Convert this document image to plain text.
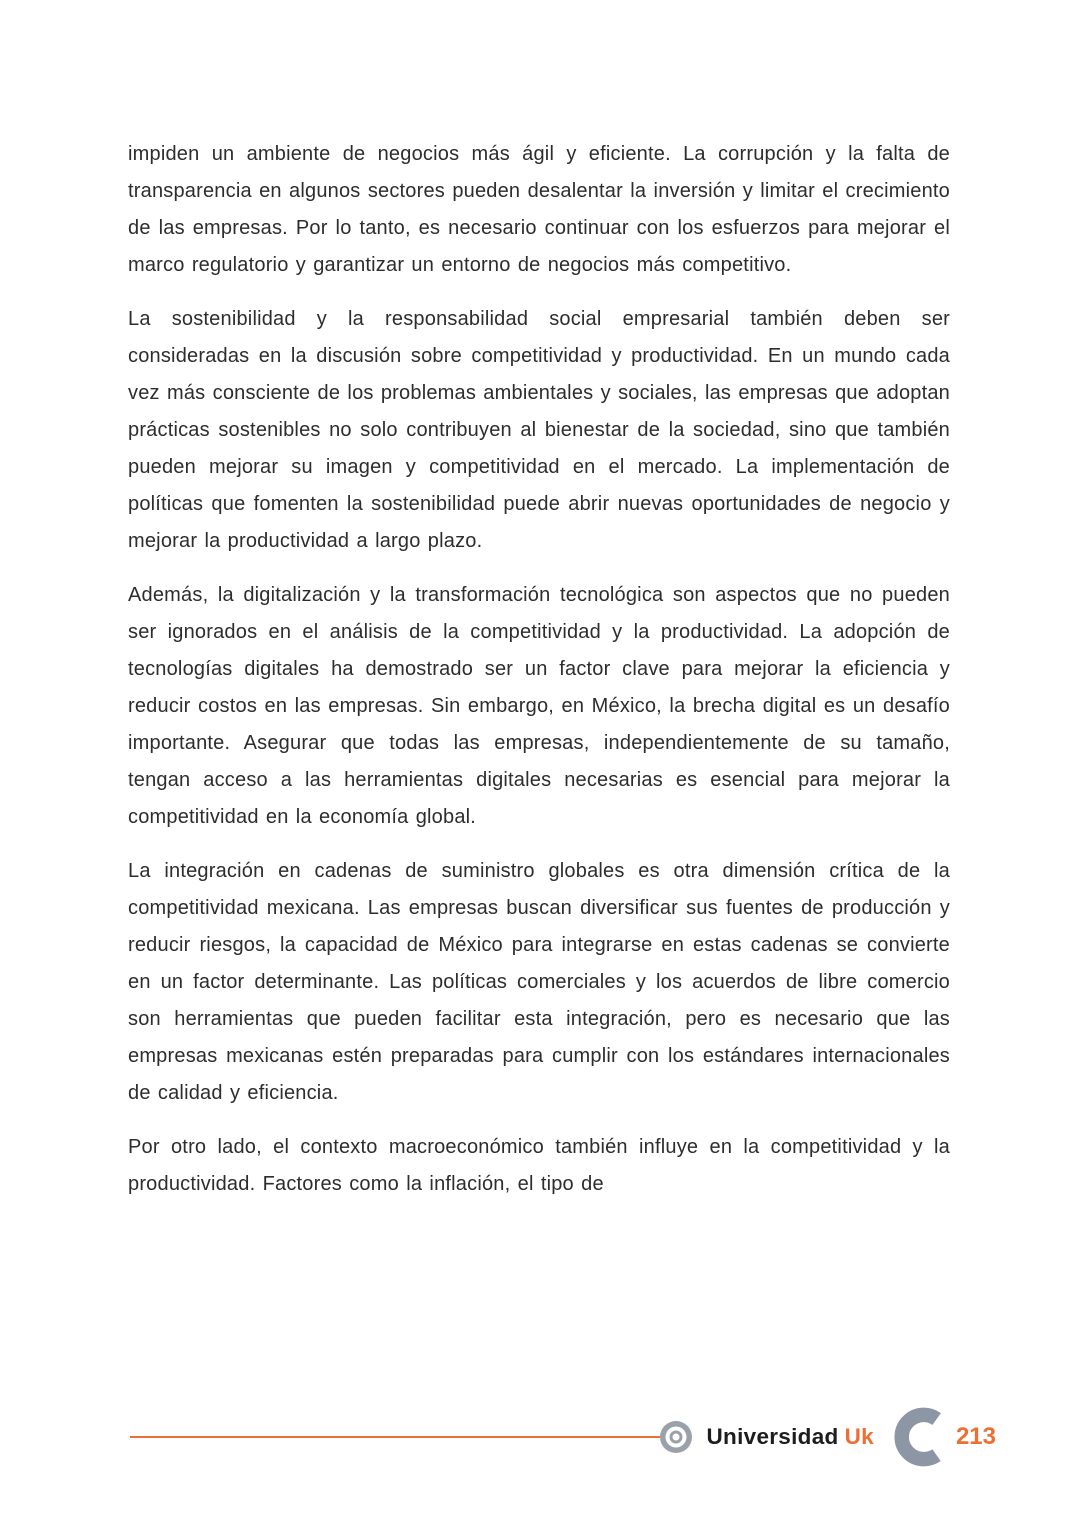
impiden un ambiente de negocios más ágil y eficiente. La corrupción y la falta de transparencia en algunos sectores pueden desalentar la inversión y limitar el crecimiento de las empresas. Por lo tanto, es necesario continuar con los esfuerzos para mejorar el marco regulatorio y garantizar un entorno de negocios más competitivo.

La sostenibilidad y la responsabilidad social empresarial también deben ser consideradas en la discusión sobre competitividad y productividad. En un mundo cada vez más consciente de los problemas ambientales y sociales, las empresas que adoptan prácticas sostenibles no solo contribuyen al bienestar de la sociedad, sino que también pueden mejorar su imagen y competitividad en el mercado. La implementación de políticas que fomenten la sostenibilidad puede abrir nuevas oportunidades de negocio y mejorar la productividad a largo plazo.

Además, la digitalización y la transformación tecnológica son aspectos que no pueden ser ignorados en el análisis de la competitividad y la productividad. La adopción de tecnologías digitales ha demostrado ser un factor clave para mejorar la eficiencia y reducir costos en las empresas. Sin embargo, en México, la brecha digital es un desafío importante. Asegurar que todas las empresas, independientemente de su tamaño, tengan acceso a las herramientas digitales necesarias es esencial para mejorar la competitividad en la economía global.

La integración en cadenas de suministro globales es otra dimensión crítica de la competitividad mexicana. Las empresas buscan diversificar sus fuentes de producción y reducir riesgos, la capacidad de México para integrarse en estas cadenas se convierte en un factor determinante. Las políticas comerciales y los acuerdos de libre comercio son herramientas que pueden facilitar esta integración, pero es necesario que las empresas mexicanas estén preparadas para cumplir con los estándares internacionales de calidad y eficiencia.

Por otro lado, el contexto macroeconómico también influye en la competitividad y la productividad. Factores como la inflación, el tipo de

Universidad Uk	213
